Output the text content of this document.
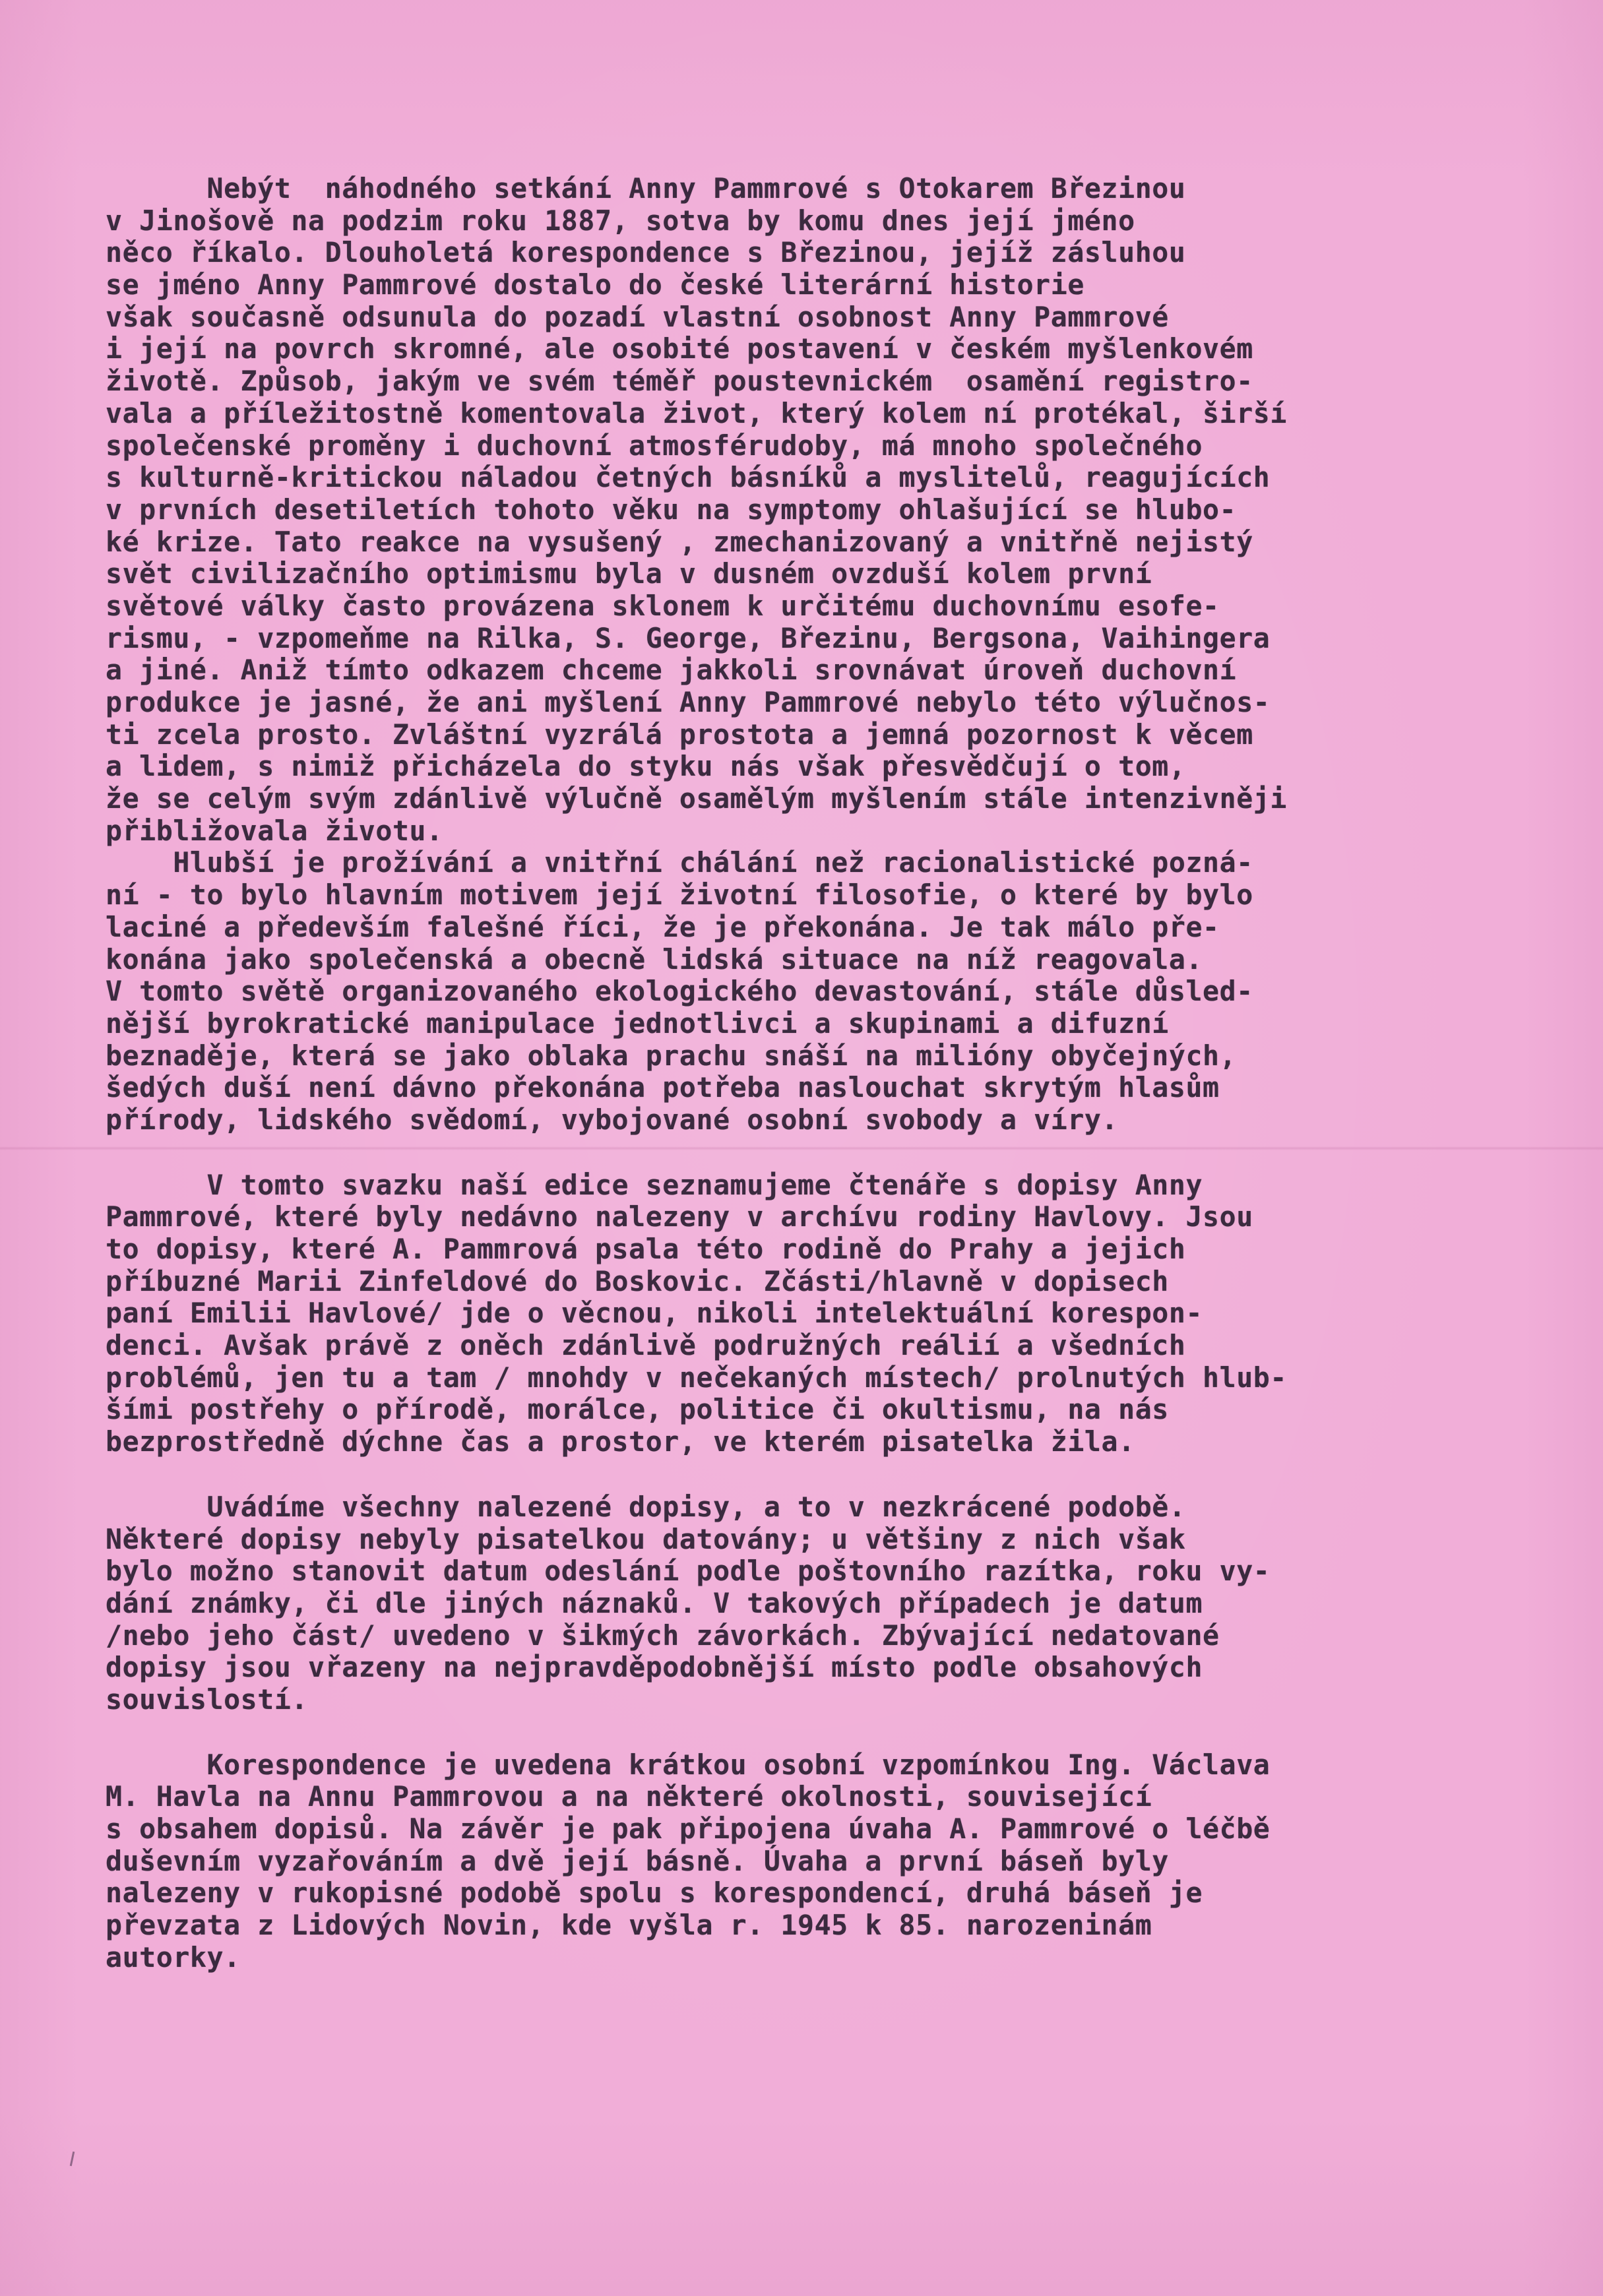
Nebýt  náhodného setkání Anny Pammrové s Otokarem Březinou
v Jinošově na podzim roku 1887, sotva by komu dnes její jméno
něco říkalo. Dlouholetá korespondence s Březinou, jejíž zásluhou
se jméno Anny Pammrové dostalo do české literární historie
však současně odsunula do pozadí vlastní osobnost Anny Pammrové
i její na povrch skromné, ale osobité postavení v českém myšlenkovém
životě. Způsob, jakým ve svém téměř poustevnickém  osamění registro-
vala a příležitostně komentovala život, který kolem ní protékal, širší
společenské proměny i duchovní atmosférudoby, má mnoho společného
s kulturně-kritickou náladou četných básníků a myslitelů, reagujících
v prvních desetiletích tohoto věku na symptomy ohlašující se hlubo-
ké krize. Tato reakce na vysušený , zmechanizovaný a vnitřně nejistý
svět civilizačního optimismu byla v dusném ovzduší kolem první
světové války často provázena sklonem k určitému duchovnímu esofe-
rismu, - vzpomeňme na Rilka, S. George, Březinu, Bergsona, Vaihingera
a jiné. Aniž tímto odkazem chceme jakkoli srovnávat úroveň duchovní
produkce je jasné, že ani myšlení Anny Pammrové nebylo této výlučnos-
ti zcela prosto. Zvláštní vyzrálá prostota a jemná pozornost k věcem
a lidem, s nimiž přicházela do styku nás však přesvědčují o tom,
že se celým svým zdánlivě výlučně osamělým myšlením stále intenzivněji
přibližovala životu.
Hlubší je prožívání a vnitřní chálání než racionalistické pozná-
ní - to bylo hlavním motivem její životní filosofie, o které by bylo
laciné a především falešné říci, že je překonána. Je tak málo pře-
konána jako společenská a obecně lidská situace na níž reagovala.
V tomto světě organizovaného ekologického devastování, stále důsled-
nější byrokratické manipulace jednotlivci a skupinami a difuzní
beznaděje, která se jako oblaka prachu snáší na milióny obyčejných,
šedých duší není dávno překonána potřeba naslouchat skrytým hlasům
přírody, lidského svědomí, vybojované osobní svobody a víry.
V tomto svazku naší edice seznamujeme čtenáře s dopisy Anny
Pammrové, které byly nedávno nalezeny v archívu rodiny Havlovy. Jsou
to dopisy, které A. Pammrová psala této rodině do Prahy a jejich
příbuzné Marii Zinfeldové do Boskovic. Zčásti/hlavně v dopisech
paní Emilii Havlové/ jde o věcnou, nikoli intelektuální korespon-
denci. Avšak právě z oněch zdánlivě podružných reálií a všedních
problémů, jen tu a tam / mnohdy v nečekaných místech/ prolnutých hlub-
šími postřehy o přírodě, morálce, politice či okultismu, na nás
bezprostředně dýchne čas a prostor, ve kterém pisatelka žila.
Uvádíme všechny nalezené dopisy, a to v nezkrácené podobě.
Některé dopisy nebyly pisatelkou datovány; u většiny z nich však
bylo možno stanovit datum odeslání podle poštovního razítka, roku vy-
dání známky, či dle jiných náznaků. V takových případech je datum
/nebo jeho část/ uvedeno v šikmých závorkách. Zbývající nedatované
dopisy jsou vřazeny na nejpravděpodobnější místo podle obsahových
souvislostí.
Korespondence je uvedena krátkou osobní vzpomínkou Ing. Václava
M. Havla na Annu Pammrovou a na některé okolnosti, související
s obsahem dopisů. Na závěr je pak připojena úvaha A. Pammrové o léčbě
duševním vyzařováním a dvě její básně. Úvaha a první báseň byly
nalezeny v rukopisné podobě spolu s korespondencí, druhá báseň je
převzata z Lidových Novin, kde vyšla r. 1945 k 85. narozeninám
autorky.
